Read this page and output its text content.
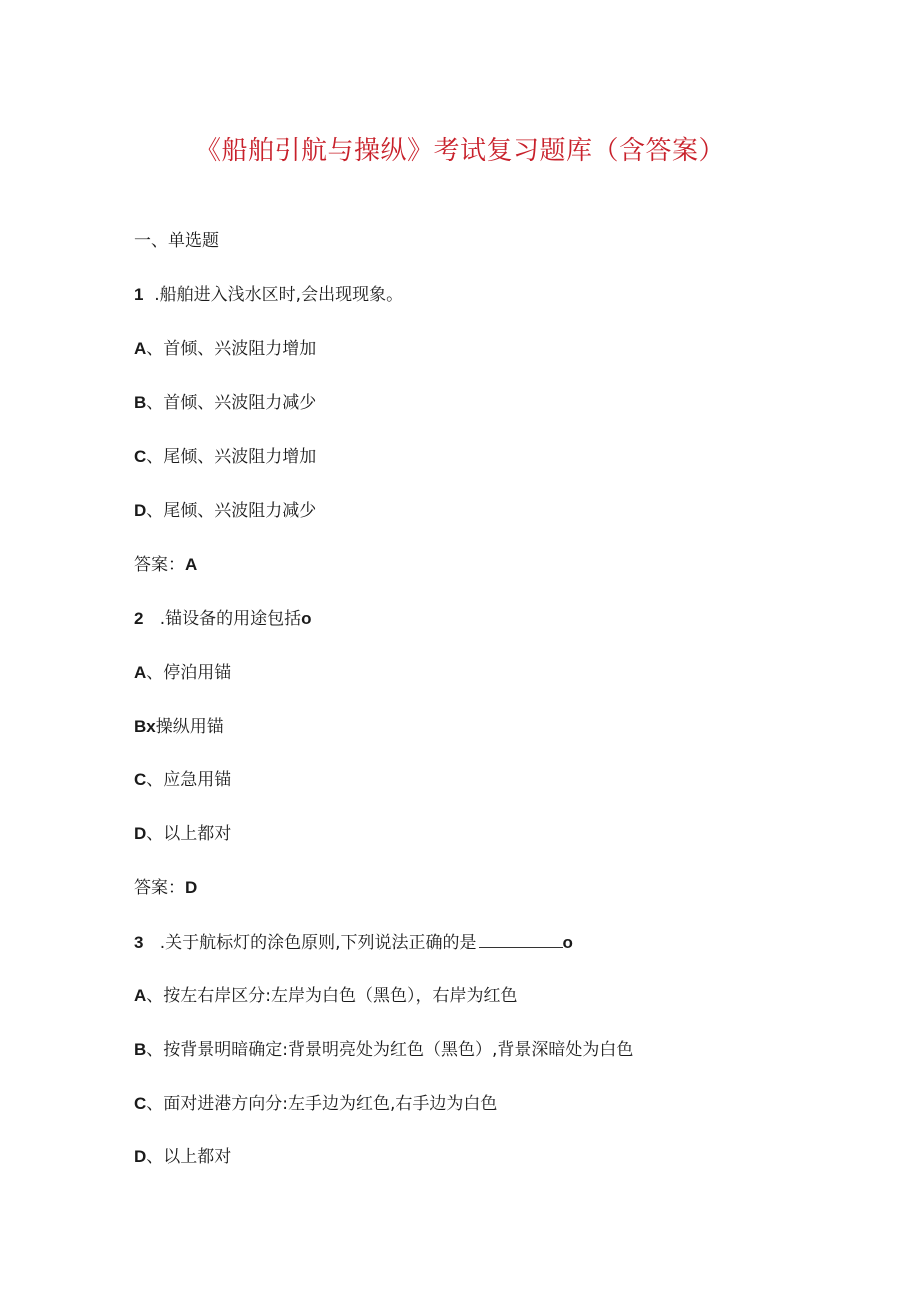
《船舶引航与操纵》考试复习题库（含答案）
一、单选题
1 .船舶进入浅水区时,会出现现象。
A、首倾、兴波阻力增加
B、首倾、兴波阻力减少
C、尾倾、兴波阻力增加
D、尾倾、兴波阻力减少
答案：A
2 .锚设备的用途包括o
A、停泊用锚
Bx操纵用锚
C、应急用锚
D、以上都对
答案：D
3 .关于航标灯的涂色原则,下列说法正确的是	o
A、按左右岸区分:左岸为白色（黑色），右岸为红色
B、按背景明暗确定:背景明亮处为红色（黑色）,背景深暗处为白色
C、面对进港方向分:左手边为红色,右手边为白色
D、以上都对
